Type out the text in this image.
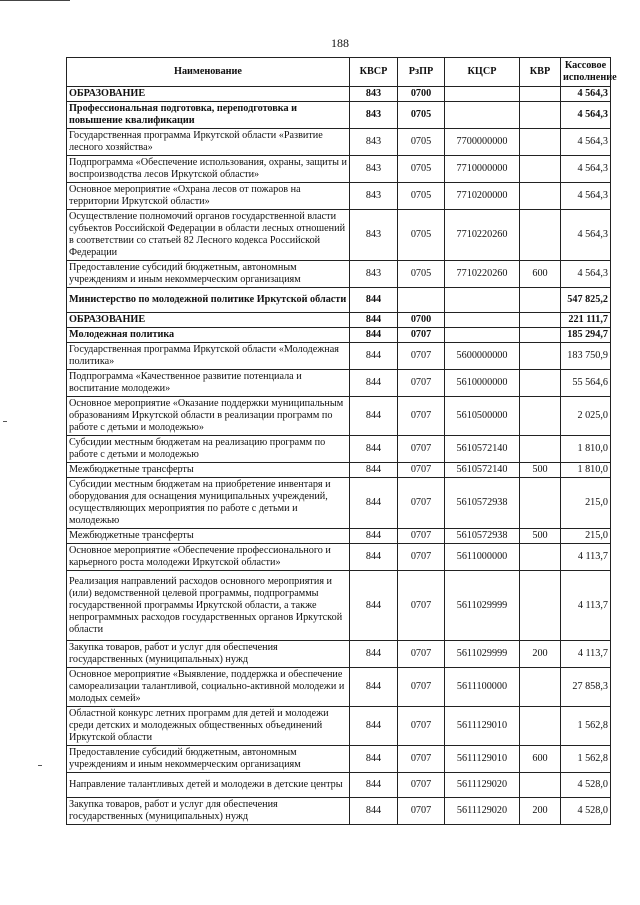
188
Наименование	КВСР	РзПР	КЦСР	КВР	Кассовое исполнение
ОБРАЗОВАНИЕ	843	0700			4 564,3
Профессиональная подготовка, переподготовка и повышение квалификации	843	0705			4 564,3
Государственная программа Иркутской области «Развитие лесного хозяйства»	843	0705	7700000000		4 564,3
Подпрограмма «Обеспечение использования, охраны, защиты и воспроизводства лесов Иркутской области»	843	0705	7710000000		4 564,3
Основное мероприятие «Охрана лесов от пожаров на территории Иркутской области»	843	0705	7710200000		4 564,3
Осуществление полномочий органов государственной власти субъектов Российской Федерации в области лесных отношений в соответствии со статьей 82 Лесного кодекса Российской Федерации	843	0705	7710220260		4 564,3
Предоставление субсидий бюджетным, автономным учреждениям и иным некоммерческим организациям	843	0705	7710220260	600	4 564,3
Министерство по молодежной политике Иркутской области	844				547 825,2
ОБРАЗОВАНИЕ	844	0700			221 111,7
Молодежная политика	844	0707			185 294,7
Государственная программа Иркутской области «Молодежная политика»	844	0707	5600000000		183 750,9
Подпрограмма «Качественное развитие потенциала и воспитание молодежи»	844	0707	5610000000		55 564,6
Основное мероприятие «Оказание поддержки муниципальным образованиям Иркутской области в реализации программ по работе с детьми и молодежью»	844	0707	5610500000		2 025,0
Субсидии местным бюджетам на реализацию программ по работе с детьми и молодежью	844	0707	5610572140		1 810,0
Межбюджетные трансферты	844	0707	5610572140	500	1 810,0
Субсидии местным бюджетам на приобретение инвентаря и оборудования для оснащения муниципальных учреждений, осуществляющих мероприятия по работе с детьми и молодежью	844	0707	5610572938		215,0
Межбюджетные трансферты	844	0707	5610572938	500	215,0
Основное мероприятие «Обеспечение профессионального и карьерного роста молодежи Иркутской области»	844	0707	5611000000		4 113,7
Реализация направлений расходов основного мероприятия и (или) ведомственной целевой программы, подпрограммы государственной программы Иркутской области, а также непрограммных расходов государственных органов Иркутской области	844	0707	5611029999		4 113,7
Закупка товаров, работ и услуг для обеспечения государственных (муниципальных) нужд	844	0707	5611029999	200	4 113,7
Основное мероприятие «Выявление, поддержка и обеспечение самореализации талантливой, социально-активной молодежи и молодых семей»	844	0707	5611100000		27 858,3
Областной конкурс летних программ для детей и молодежи среди детских и молодежных общественных объединений Иркутской области	844	0707	5611129010		1 562,8
Предоставление субсидий бюджетным, автономным учреждениям и иным некоммерческим организациям	844	0707	5611129010	600	1 562,8
Направление талантливых детей и молодежи в детские центры	844	0707	5611129020		4 528,0
Закупка товаров, работ и услуг для обеспечения государственных (муниципальных) нужд	844	0707	5611129020	200	4 528,0
